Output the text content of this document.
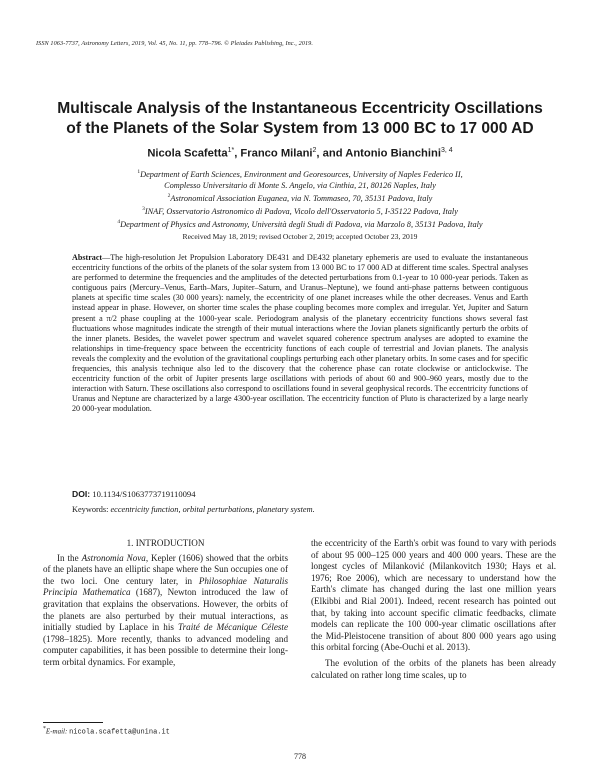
ISSN 1063-7737, Astronomy Letters, 2019, Vol. 45, No. 11, pp. 778–796. © Pleiades Publishing, Inc., 2019.
Multiscale Analysis of the Instantaneous Eccentricity Oscillations
of the Planets of the Solar System from 13 000 BC to 17 000 AD
Nicola Scafetta$^{1*}$, Franco Milani$^2$, and Antonio Bianchini$^{3, 4}$
$^1$Department of Earth Sciences, Environment and Georesources, University of Naples Federico II,
Complesso Universitario di Monte S. Angelo, via Cinthia, 21, 80126 Naples, Italy
$^2$Astronomical Association Euganea, via N. Tommaseo, 70, 35131 Padova, Italy
$^3$INAF, Osservatorio Astronomico di Padova, Vicolo dell'Osservatorio 5, I-35122 Padova, Italy
$^4$Department of Physics and Astronomy, Università degli Studi di Padova, via Marzolo 8, 35131 Padova, Italy
Received May 18, 2019; revised October 2, 2019; accepted October 23, 2019
Abstract—The high-resolution Jet Propulsion Laboratory DE431 and DE432 planetary ephemeris are used to evaluate the instantaneous eccentricity functions of the orbits of the planets of the solar system from 13 000 BC to 17 000 AD at different time scales. Spectral analyses are performed to determine the frequencies and the amplitudes of the detected perturbations from 0.1-year to 10 000-year periods. Taken as contiguous pairs (Mercury–Venus, Earth–Mars, Jupiter–Saturn, and Uranus–Neptune), we found anti-phase patterns between contiguous planets at specific time scales (30 000 years): namely, the eccentricity of one planet increases while the other decreases. Venus and Earth instead appear in phase. However, on shorter time scales the phase coupling becomes more complex and irregular. Yet, Jupiter and Saturn present a π/2 phase coupling at the 1000-year scale. Periodogram analysis of the planetary eccentricity functions shows several fast fluctuations whose magnitudes indicate the strength of their mutual interactions where the Jovian planets significantly perturb the orbits of the inner planets. Besides, the wavelet power spectrum and wavelet squared coherence spectrum analyses are adopted to examine the relationships in time-frequency space between the eccentricity functions of each couple of terrestrial and Jovian planets. The analysis reveals the complexity and the evolution of the gravitational couplings perturbing each other planetary orbits. In some cases and for specific frequencies, this analysis technique also led to the discovery that the coherence phase can rotate clockwise or anticlockwise. The eccentricity function of the orbit of Jupiter presents large oscillations with periods of about 60 and 900–960 years, mostly due to the interaction with Saturn. These oscillations also correspond to oscillations found in several geophysical records. The eccentricity functions of Uranus and Neptune are characterized by a large 4300-year oscillation. The eccentricity function of Pluto is characterized by a large nearly 20 000-year modulation.
DOI: 10.1134/S1063773719110094
Keywords: eccentricity function, orbital perturbations, planetary system.
1. INTRODUCTION

In the Astronomia Nova, Kepler (1606) showed that the orbits of the planets have an elliptic shape where the Sun occupies one of the two loci. One century later, in Philosophiae Naturalis Principia Mathematica (1687), Newton introduced the law of gravitation that explains the observations. However, the orbits of the planets are also perturbed by their mutual interactions, as initially studied by Laplace in his Traité de Mécanique Céleste (1798–1825). More recently, thanks to advanced modeling and computer capabilities, it has been possible to determine their long-term orbital dynamics. For example,

the eccentricity of the Earth's orbit was found to vary with periods of about 95 000–125 000 years and 400 000 years. These are the longest cycles of Milanković (Milankovitch 1930; Hays et al. 1976; Roe 2006), which are necessary to understand how the Earth's climate has changed during the last one million years (Elkibbi and Rial 2001). Indeed, recent research has pointed out that, by taking into account specific climatic feedbacks, climate models can replicate the 100 000-year climatic oscillations after the Mid-Pleistocene transition of about 800 000 years ago using this orbital forcing (Abe-Ouchi et al. 2013).

The evolution of the orbits of the planets has been already calculated on rather long time scales, up to

*E-mail: nicola.scafetta@unina.it
778
